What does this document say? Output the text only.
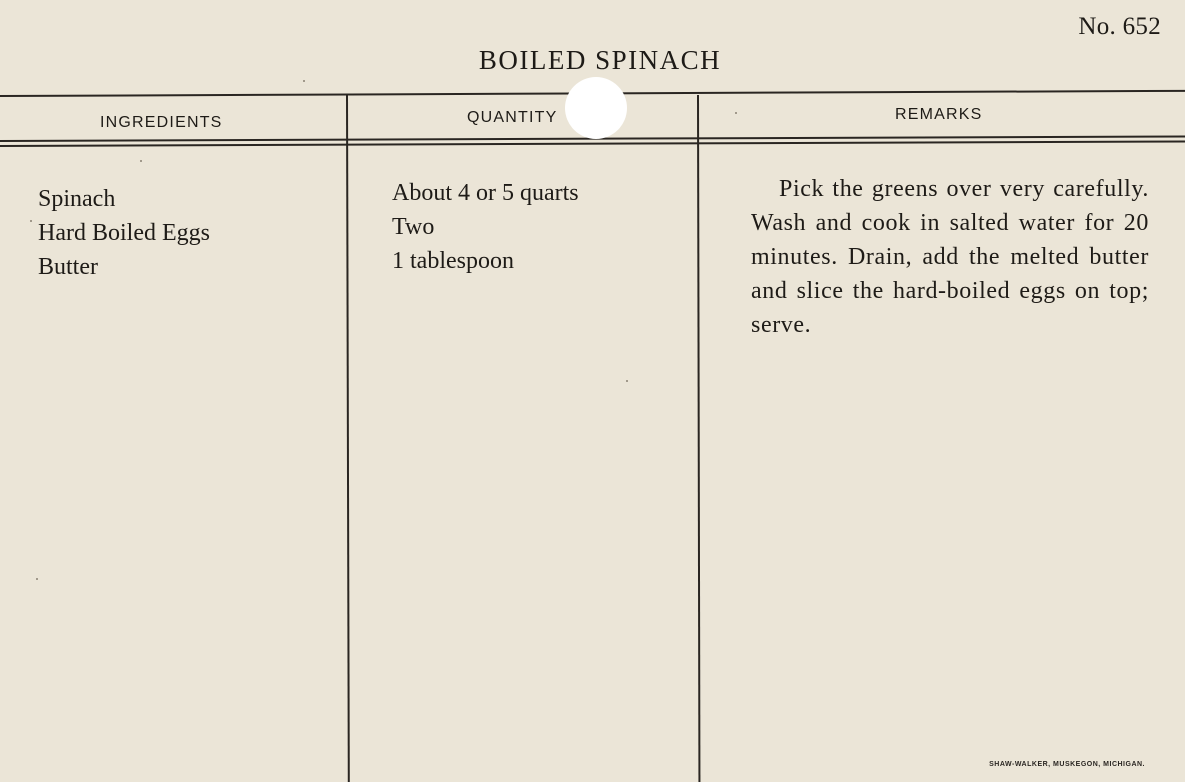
No. 652
BOILED SPINACH
INGREDIENTS	QUANTITY	REMARKS
Spinach
Hard Boiled Eggs
Butter
About 4 or 5 quarts
Two
1 tablespoon

Pick the greens over very carefully. Wash and cook in salted water for 20 minutes. Drain, add the melted butter and slice the hard-boiled eggs on top; serve.

SHAW-WALKER, MUSKEGON, MICHIGAN.
